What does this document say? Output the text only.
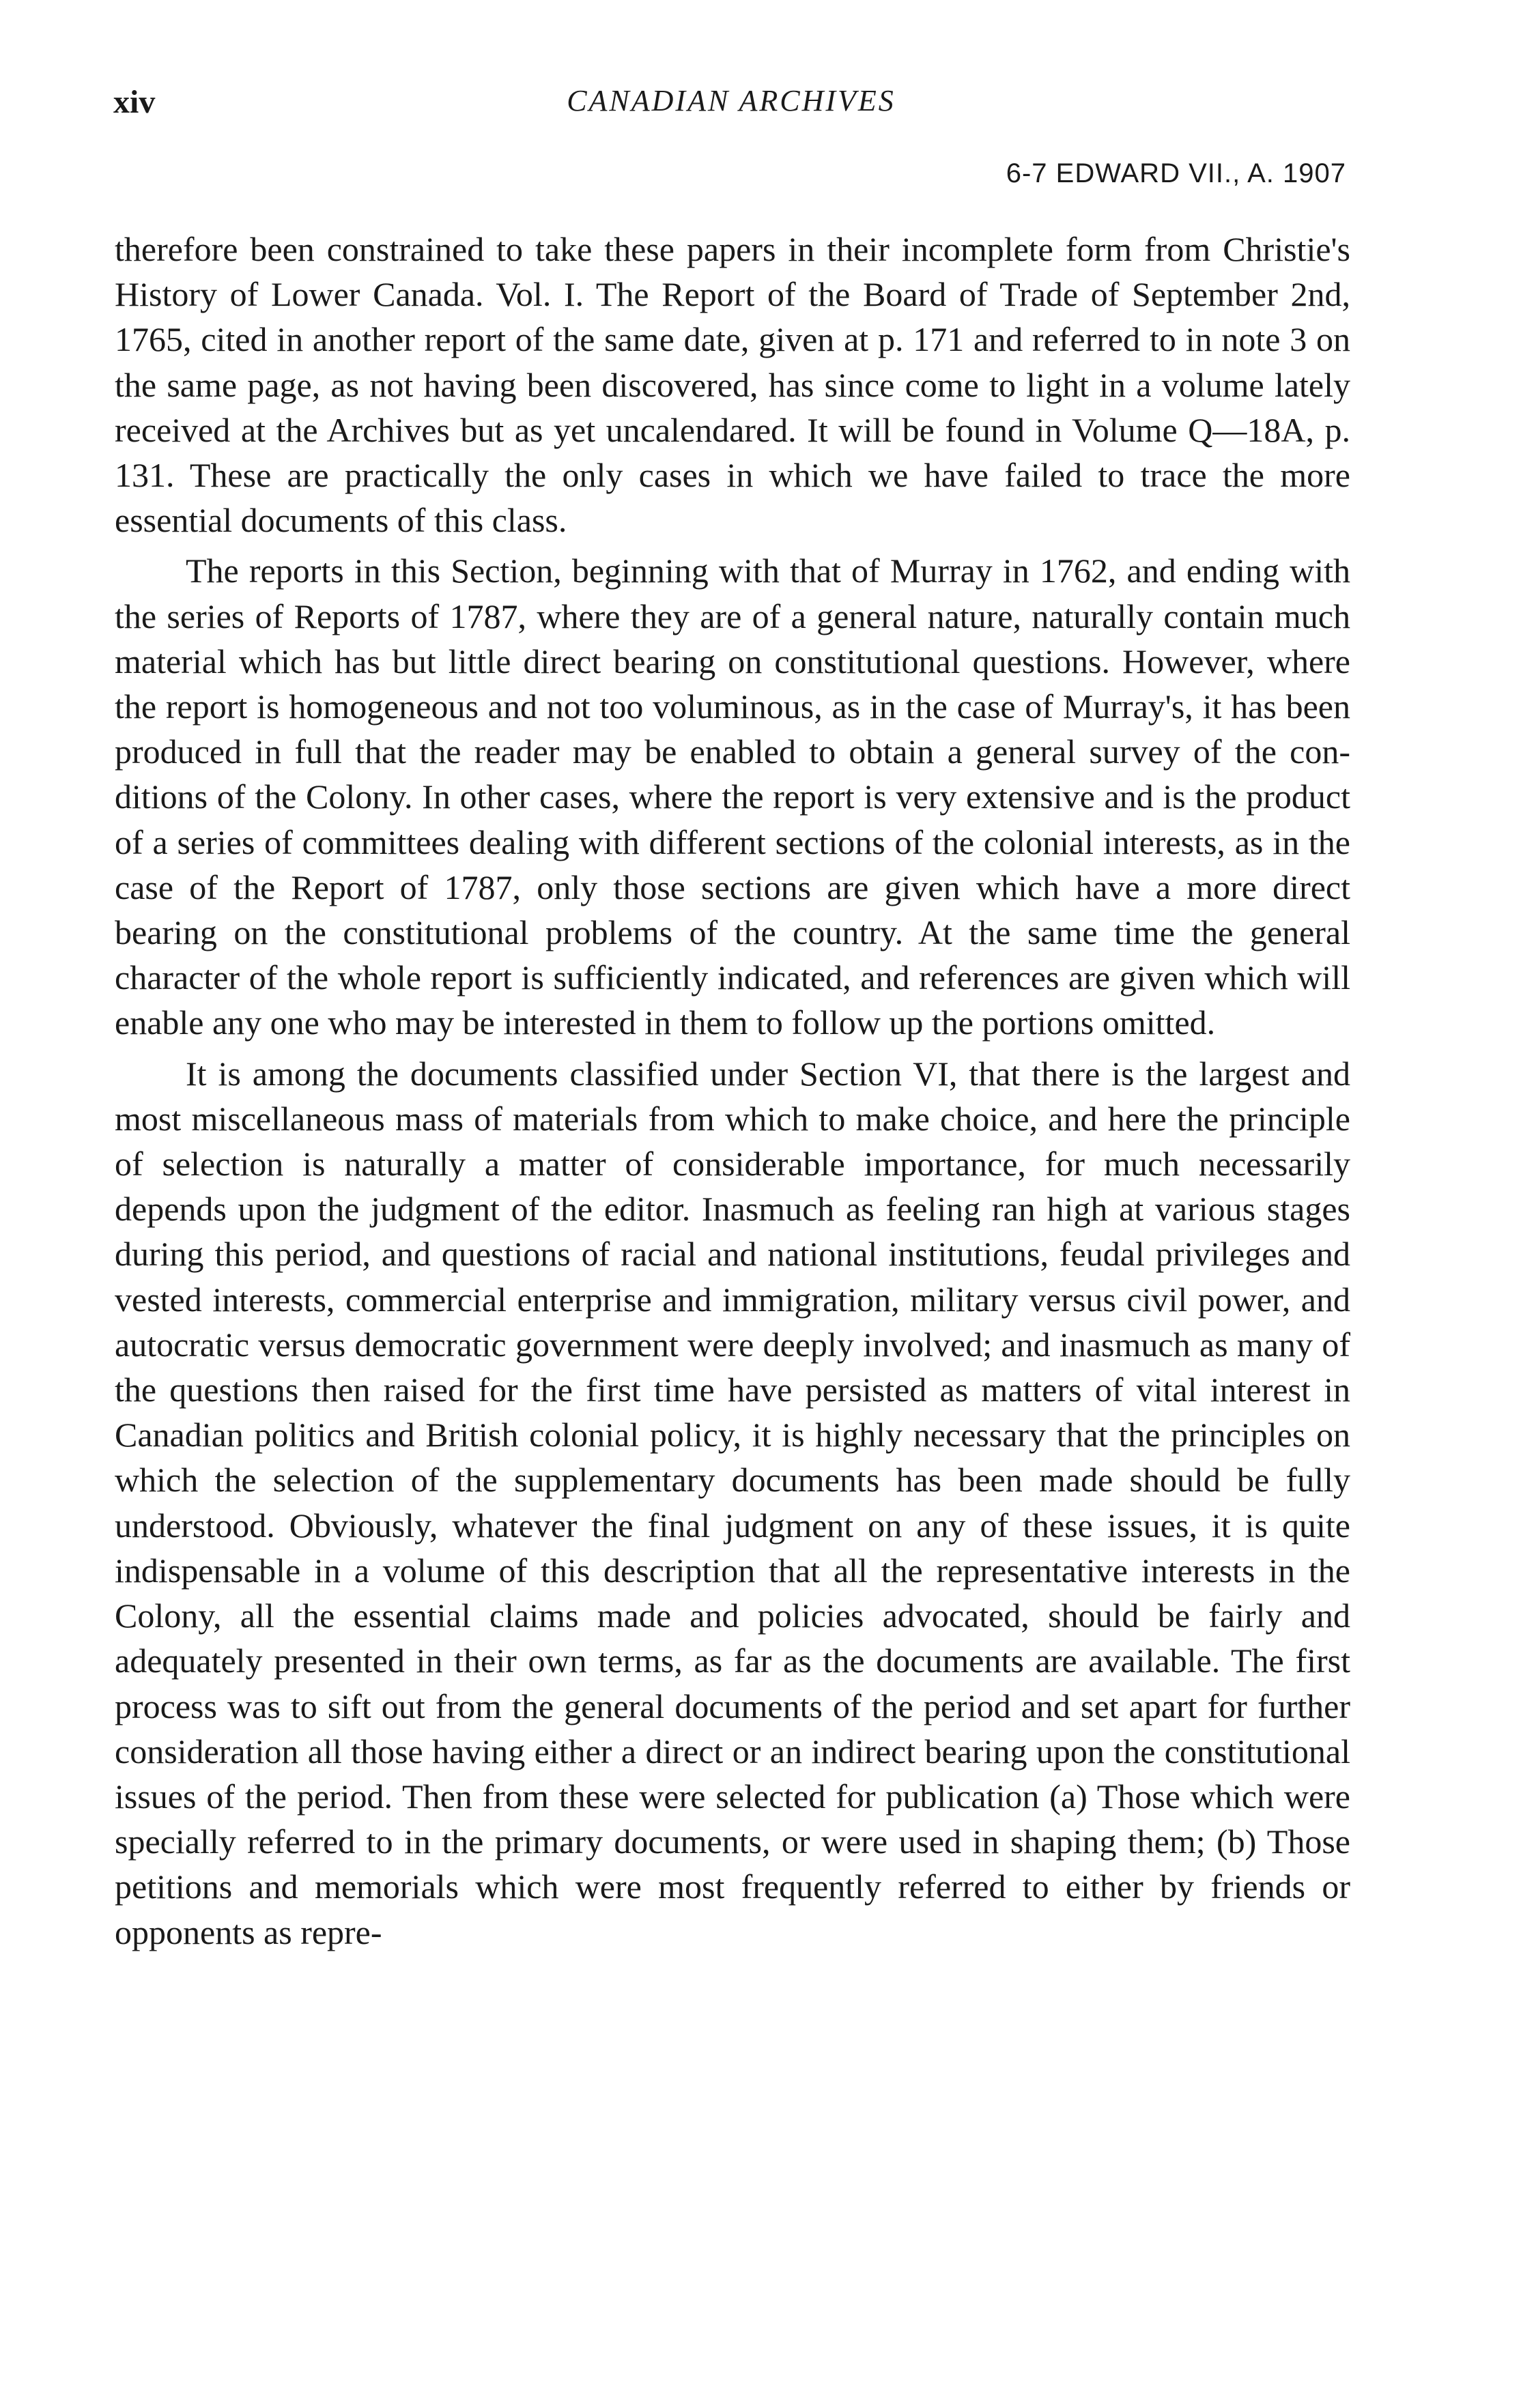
xiv	CANADIAN ARCHIVES
6-7 EDWARD VII., A. 1907

therefore been constrained to take these papers in their incomplete form from Christie's History of Lower Canada. Vol. I. The Report of the Board of Trade of September 2nd, 1765, cited in another report of the same date, given at p. 171 and referred to in note 3 on the same page, as not having been discovered, has since come to light in a volume lately received at the Archives but as yet uncalendared. It will be found in Volume Q—18A, p. 131. These are practically the only cases in which we have failed to trace the more essential documents of this class.

The reports in this Section, beginning with that of Murray in 1762, and ending with the series of Reports of 1787, where they are of a general nature, naturally contain much material which has but little direct bearing on constitutional questions. However, where the report is homogeneous and not too voluminous, as in the case of Murray's, it has been produced in full that the reader may be enabled to obtain a general survey of the conditions of the Colony. In other cases, where the report is very extensive and is the product of a series of committees dealing with different sections of the colonial interests, as in the case of the Report of 1787, only those sections are given which have a more direct bearing on the constitutional problems of the country. At the same time the general character of the whole report is sufficiently indicated, and references are given which will enable any one who may be interested in them to follow up the portions omitted.

It is among the documents classified under Section VI, that there is the largest and most miscellaneous mass of materials from which to make choice, and here the principle of selection is naturally a matter of considerable importance, for much necessarily depends upon the judgment of the editor. Inasmuch as feeling ran high at various stages during this period, and questions of racial and national institutions, feudal privileges and vested interests, commercial enterprise and immigration, military versus civil power, and autocratic versus democratic government were deeply involved; and inasmuch as many of the questions then raised for the first time have persisted as matters of vital interest in Canadian politics and British colonial policy, it is highly necessary that the principles on which the selection of the supplementary documents has been made should be fully understood. Obviously, whatever the final judgment on any of these issues, it is quite indispensable in a volume of this description that all the representative interests in the Colony, all the essential claims made and policies advocated, should be fairly and adequately presented in their own terms, as far as the documents are available. The first process was to sift out from the general documents of the period and set apart for further consideration all those having either a direct or an indirect bearing upon the constitutional issues of the period. Then from these were selected for publication (a) Those which were specially referred to in the primary documents, or were used in shaping them; (b) Those petitions and memorials which were most frequently referred to either by friends or opponents as repre-
